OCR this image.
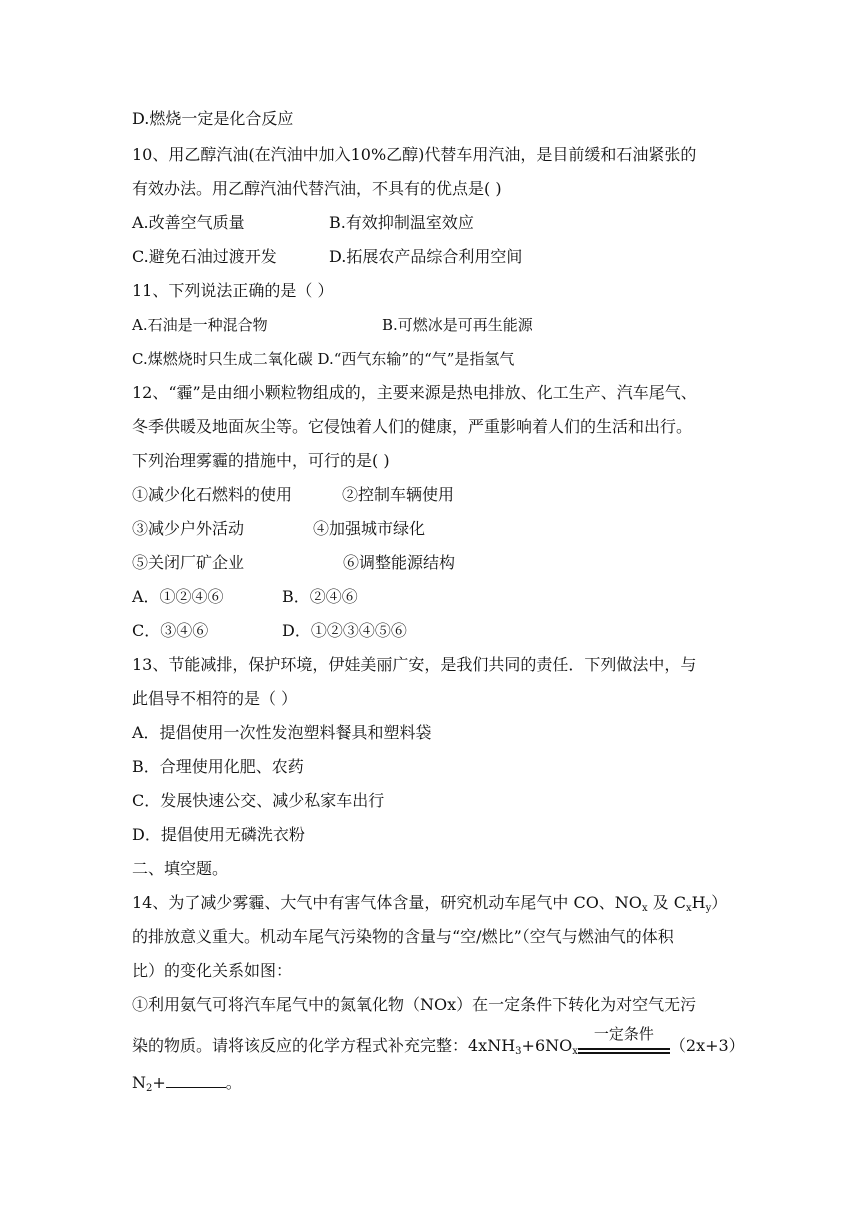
D.燃烧一定是化合反应
10、用乙醇汽油(在汽油中加入10%乙醇)代替车用汽油，是目前缓和石油紧张的
有效办法。用乙醇汽油代替汽油，不具有的优点是( )
A.改善空气质量	B.有效抑制温室效应
C.避免石油过渡开发	D.拓展农产品综合利用空间
11、下列说法正确的是（ ）
A.石油是一种混合物	B.可燃冰是可再生能源
C.煤燃烧时只生成二氧化碳 D.“西气东输”的“气”是指氢气
12、“霾”是由细小颗粒物组成的，主要来源是热电排放、化工生产、汽车尾气、
冬季供暖及地面灰尘等。它侵蚀着人们的健康，严重影响着人们的生活和出行。
下列治理雾霾的措施中，可行的是( )
①减少化石燃料的使用	②控制车辆使用
③减少户外活动	④加强城市绿化
⑤关闭厂矿企业	⑥调整能源结构
A．①②④⑥	B．②④⑥
C．③④⑥	D．①②③④⑤⑥
13、节能减排，保护环境，伊娃美丽广安，是我们共同的责任．下列做法中，与
此倡导不相符的是（ ）
A．提倡使用一次性发泡塑料餐具和塑料袋
B．合理使用化肥、农药
C．发展快速公交、减少私家车出行
D．提倡使用无磷洗衣粉
二、填空题。
14、为了减少雾霾、大气中有害气体含量，研究机动车尾气中 CO、$NO_x$ 及 $C_xH_y$）
的排放意义重大。机动车尾气污染物的含量与“空/燃比”（空气与燃油气的体积
比）的变化关系如图：
①利用氨气可将汽车尾气中的氮氧化物（NOx）在一定条件下转化为对空气无污
染的物质。请将该反应的化学方程式补充完整：$4xNH_3+6NO_x$
一定条件
（2x+3）
$N_2+$	。
